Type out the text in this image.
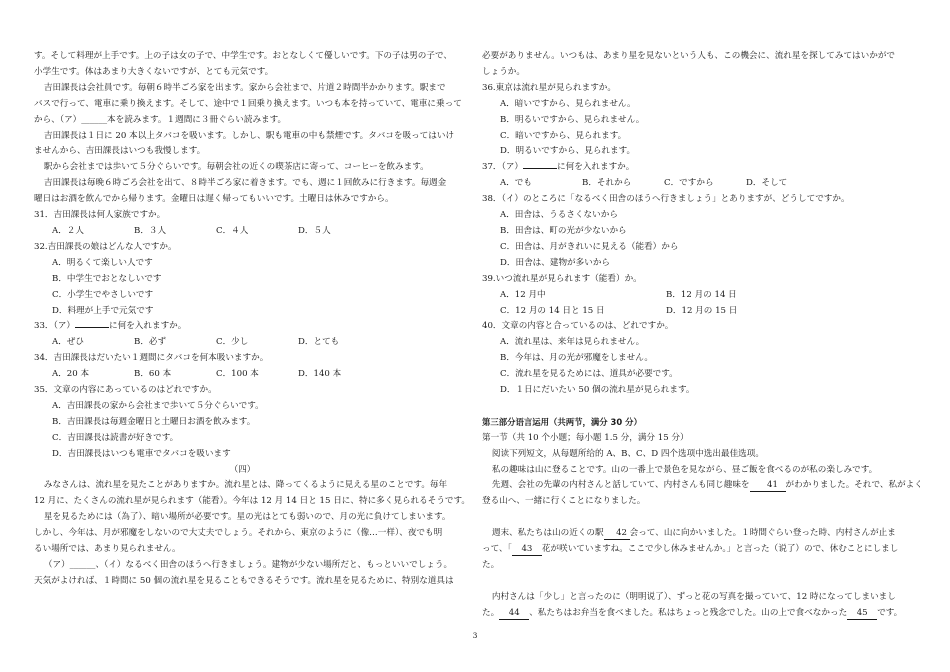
す。そして料理が上手です。上の子は女の子で、中学生です。おとなしくて優しいです。下の子は男の子で、

小学生です。体はあまり大きくないですが、とても元気です。

吉田課長は会社員です。毎朝６時半ごろ家を出ます。家から会社まで、片道２時間半かかります。駅まで

バスで行って、電車に乗り換えます。そして、途中で１回乗り換えます。いつも本を持っていて、電車に乗って

から、（ア）______本を読みます。１週間に３冊ぐらい読みます。

吉田課長は１日に 20 本以上タバコを吸います。しかし、駅も電車の中も禁煙です。タバコを吸ってはいけ

ませんから、吉田課長はいつも我慢します。

駅から会社までは歩いて５分ぐらいです。毎朝会社の近くの喫茶店に寄って、コーヒーを飲みます。

吉田課長は毎晩６時ごろ会社を出て、８時半ごろ家に着きます。でも、週に１回飲みに行きます。毎週金

曜日はお酒を飲んでから帰ります。金曜日は遅く帰ってもいいです。土曜日は休みですから。

31．吉田課長は何人家族ですか。

A．２人	B．３人	C．４人	D．５人

32.吉田課長の娘はどんな人ですか。

A．明るくて楽しい人です

B．中学生でおとなしいです

C．小学生でやさしいです

D．料理が上手で元気です

33．（ア）	に何を入れますか。

A．ぜひ	B．必ず	C．少し	D．とても

34．吉田課長はだいたい１週間にタバコを何本吸いますか。

A．20 本	B．60 本	C．100 本	D．140 本

35．文章の内容にあっているのはどれですか。

A．吉田課長の家から会社まで歩いて５分ぐらいです。

B．吉田課長は毎週金曜日と土曜日お酒を飲みます。

C．吉田課長は読書が好きです。

D．吉田課長はいつも電車でタバコを吸います

（四）

みなさんは、流れ星を見たことがありますか。流れ星とは、降ってくるように見える星のことです。毎年

12 月に、たくさんの流れ星が見られます（能看）。今年は 12 月 14 日と 15 日に、特に多く見られるそうです。

星を見るためには（為了）、暗い場所が必要です。星の光はとても弱いので、月の光に負けてしまいます。

しかし、今年は、月が邪魔をしないので大丈夫でしょう。それから、東京のように（像…一样）、夜でも明

るい場所では、あまり見られません。

（ア）______、（イ）なるべく田舎のほうへ行きましょう。建物が少ない場所だと、もっといいでしょう。

天気がよければ、１時間に 50 個の流れ星を見ることもできるそうです。流れ星を見るために、特別な道具は

必要がありません。いつもは、あまり星を見ないという人も、この機会に、流れ星を探してみてはいかがで

しょうか。

36.東京は流れ星が見られますか。

A．暗いですから、見られません。

B．明るいですから、見られません。

C．暗いですから、見られます。

D．明るいですから、見られます。

37．（ア）	に何を入れますか。

A．でも	B．それから	C．ですから	D．そして

38．（イ）のところに「なるべく田舎のほうへ行きましょう」とありますが、どうしてですか。

A．田舎は、うるさくないから

B．田舎は、町の光が少ないから

C．田舎は、月がきれいに見える（能看）から

D．田舎は、建物が多いから

39.いつ流れ星が見られます（能看）か。

A．12 月中	B．12 月の 14 日
C．12 月の 14 日と 15 日	D．12 月の 15 日

40．文章の内容と合っているのは、どれですか。

A．流れ星は、来年は見られません。

B．今年は、月の光が邪魔をしません。

C．流れ星を見るためには、道具が必要です。

D．１日にだいたい 50 個の流れ星が見られます。

第三部分语言运用（共两节，满分 30 分）

第一节（共 10 个小题；每小题 1.5 分，满分 15 分）

阅读下列短文，从每题所给的 A、B、C、D 四个选项中选出最佳选项。

私の趣味は山に登ることです。山の一番上で景色を見ながら、昼ご飯を食べるのが私の楽しみです。

先週、会社の先輩の内村さんと話していて、内村さんも同じ趣味を 41 がわかりました。それで、私がよく

登る山へ、一緒に行くことになりました。

週末、私たちは山の近くの駅 42 会って、山に向かいました。１時間ぐらい登った時、内村さんが止ま

って、「 43 花が咲いていますね。ここで少し休みませんか。」と言った（说了）ので、休むことにしまし

た。

内村さんは「少し」と言ったのに（明明说了）、ずっと花の写真を撮っていて、12 時になってしまいまし

た。 44 、私たちはお弁当を食べました。私はちょっと残念でした。山の上で食べなかった 45 です。

3
